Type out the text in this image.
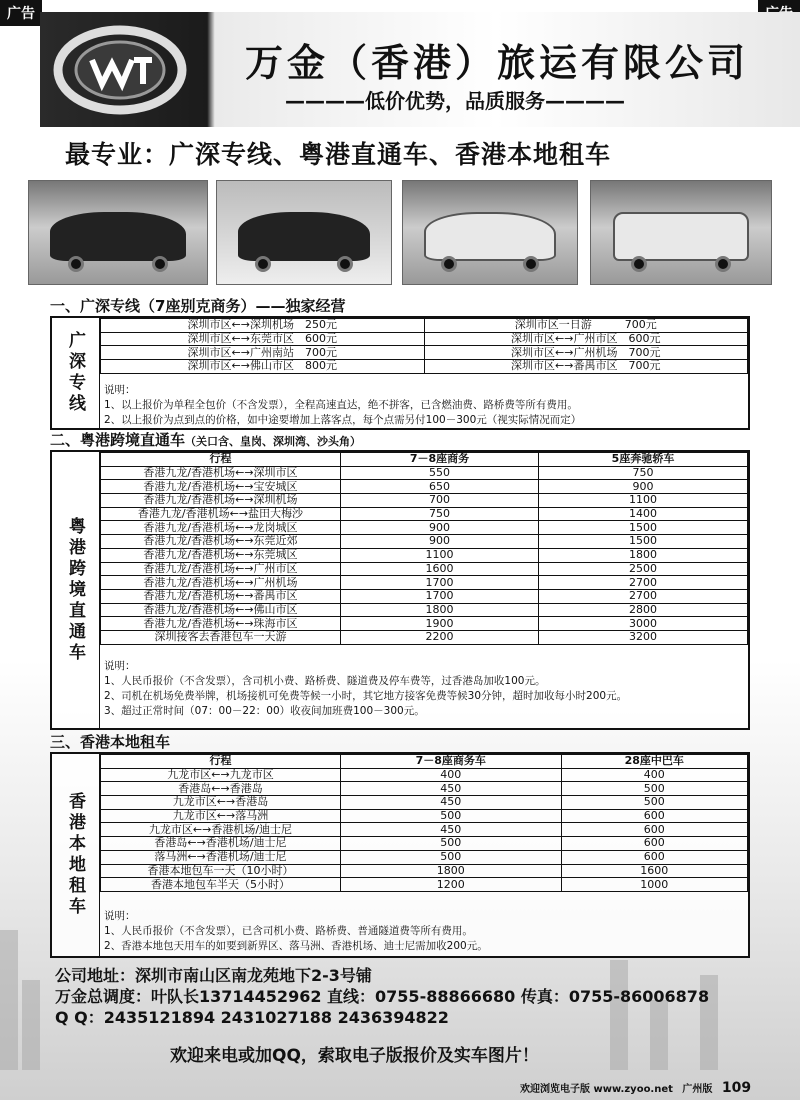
广告
万金（香港）旅运有限公司
————低价优势，品质服务————
最专业：广深专线、粤港直通车、香港本地租车
一、广深专线（7座别克商务）——独家经营
广深专线
深圳市区←→深圳机场　250元	深圳市区一日游　　　700元
深圳市区←→东莞市区　600元	深圳市区←→广州市区　600元
深圳市区←→广州南站　700元	深圳市区←→广州机场　700元
深圳市区←→佛山市区　800元	深圳市区←→番禺市区　700元
说明：
1、以上报价为单程全包价（不含发票），全程高速直达，绝不拼客，已含燃油费、路桥费等所有费用。
2、以上报价为点到点的价格，如中途要增加上落客点，每个点需另付100－300元（视实际情况而定）
二、粤港跨境直通车（关口含、皇岗、深圳湾、沙头角）
粤港跨境直通车
行程	7－8座商务	5座奔驰轿车
香港九龙/香港机场←→深圳市区	550	750
香港九龙/香港机场←→宝安城区	650	900
香港九龙/香港机场←→深圳机场	700	1100
香港九龙/香港机场←→盐田大梅沙	750	1400
香港九龙/香港机场←→龙岗城区	900	1500
香港九龙/香港机场←→东莞近郊	900	1500
香港九龙/香港机场←→东莞城区	1100	1800
香港九龙/香港机场←→广州市区	1600	2500
香港九龙/香港机场←→广州机场	1700	2700
香港九龙/香港机场←→番禺市区	1700	2700
香港九龙/香港机场←→佛山市区	1800	2800
香港九龙/香港机场←→珠海市区	1900	3000
深圳接客去香港包车一天游	2200	3200
说明：
1、人民币报价（不含发票），含司机小费、路桥费、隧道费及停车费等，过香港岛加收100元。
2、司机在机场免费举牌，机场接机可免费等候一小时，其它地方接客免费等候30分钟，超时加收每小时200元。
3、超过正常时间（07：00－22：00）收夜间加班费100－300元。
三、香港本地租车
香港本地租车
行程	7－8座商务车	28座中巴车
九龙市区←→九龙市区	400	400
香港岛←→香港岛	450	500
九龙市区←→香港岛	450	500
九龙市区←→落马洲	500	600
九龙市区←→香港机场/迪士尼	450	600
香港岛←→香港机场/迪士尼	500	600
落马洲←→香港机场/迪士尼	500	600
香港本地包车一天（10小时）	1800	1600
香港本地包车半天（5小时）	1200	1000
说明：
1、人民币报价（不含发票），已含司机小费、路桥费、普通隧道费等所有费用。
2、香港本地包天用车的如要到新界区、落马洲、香港机场、迪士尼需加收200元。
公司地址：深圳市南山区南龙苑地下2-3号铺
万金总调度：叶队长13714452962 直线：0755-88866680 传真：0755-86006878
Q Q：2435121894 2431027188 2436394822
欢迎来电或加QQ，索取电子版报价及实车图片！
欢迎浏览电子版 www.zyoo.net 广州版 109
